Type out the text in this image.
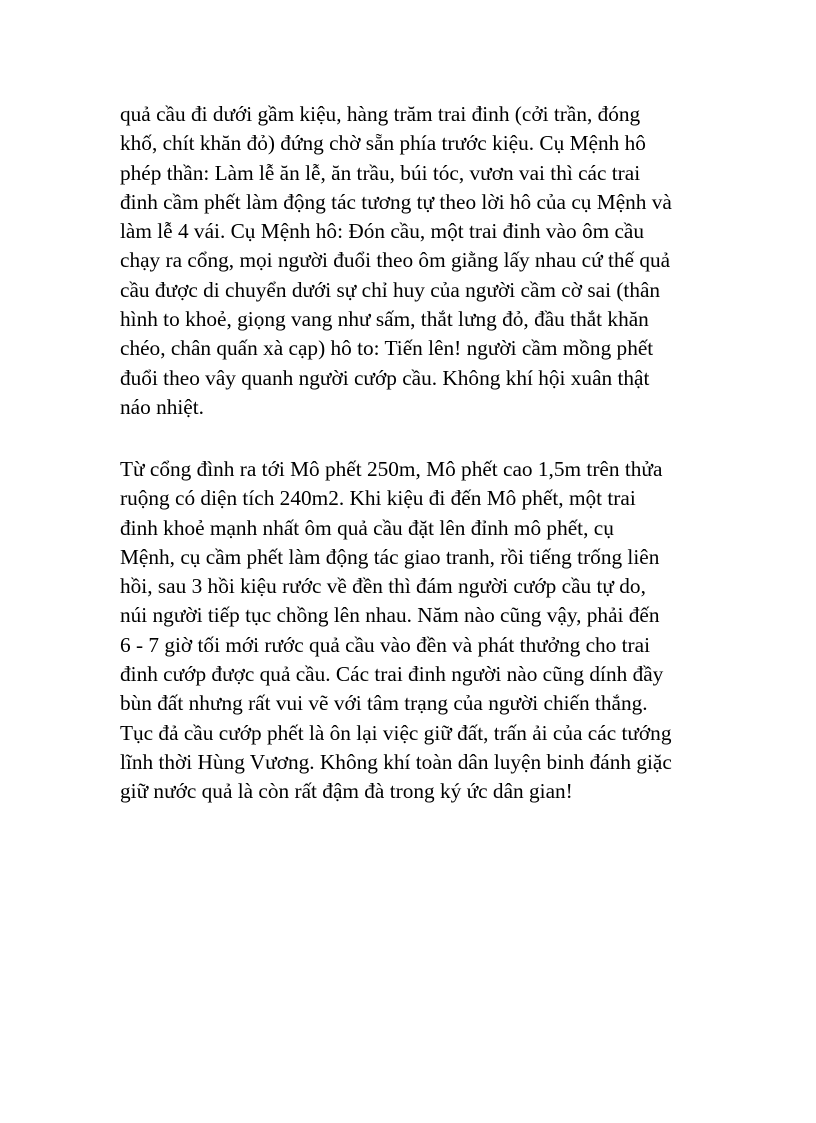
quả cầu đi dưới gầm kiệu, hàng trăm trai đinh (cởi trần, đóng
khố, chít khăn đỏ) đứng chờ sẵn phía trước kiệu. Cụ Mệnh hô
phép thần: Làm lễ ăn lễ, ăn trầu, búi tóc, vươn vai thì các trai
đinh cầm phết làm động tác tương tự theo lời hô của cụ Mệnh và
làm lễ 4 vái. Cụ Mệnh hô: Đón cầu, một trai đinh vào ôm cầu
chạy ra cổng, mọi người đuổi theo ôm giằng lấy nhau cứ thế quả
cầu được di chuyển dưới sự chỉ huy của người cầm cờ sai (thân
hình to khoẻ, giọng vang như sấm, thắt lưng đỏ, đầu thắt khăn
chéo, chân quấn xà cạp) hô to: Tiến lên! người cầm mồng phết
đuổi theo vây quanh người cướp cầu. Không khí hội xuân thật
náo nhiệt.

Từ cổng đình ra tới Mô phết 250m, Mô phết cao 1,5m trên thửa
ruộng có diện tích 240m2. Khi kiệu đi đến Mô phết, một trai
đinh khoẻ mạnh nhất ôm quả cầu đặt lên đỉnh mô phết, cụ
Mệnh, cụ cầm phết làm động tác giao tranh, rồi tiếng trống liên
hồi, sau 3 hồi kiệu rước về đền thì đám người cướp cầu tự do,
núi người tiếp tục chồng lên nhau. Năm nào cũng vậy, phải đến
6 - 7 giờ tối mới rước quả cầu vào đền và phát thưởng cho trai
đinh cướp được quả cầu. Các trai đinh người nào cũng dính đầy
bùn đất nhưng rất vui vẽ với tâm trạng của người chiến thắng.
Tục đả cầu cướp phết là ôn lại việc giữ đất, trấn ải của các tướng
lĩnh thời Hùng Vương. Không khí toàn dân luyện binh đánh giặc
giữ nước quả là còn rất đậm đà trong ký ức dân gian!
